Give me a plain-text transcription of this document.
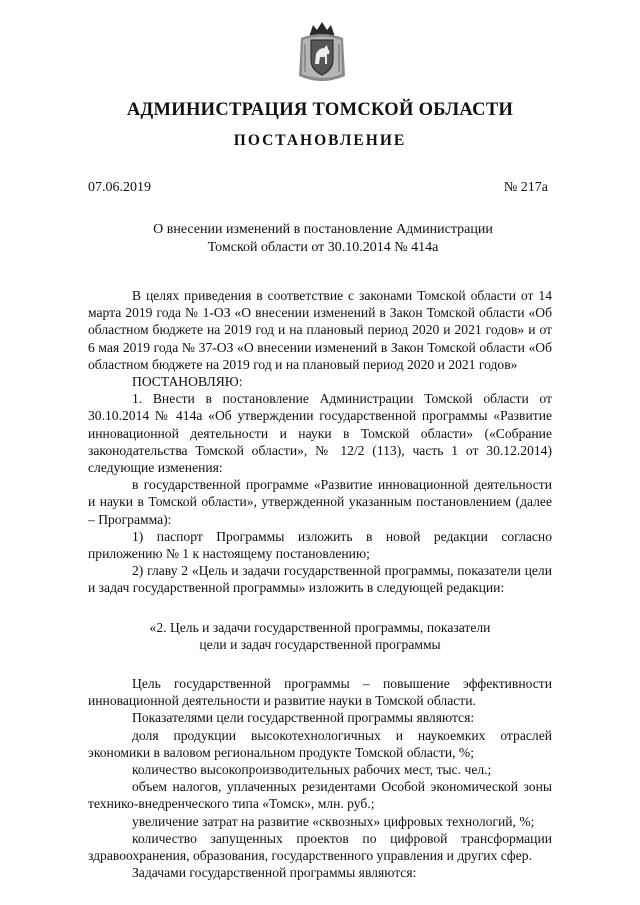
АДМИНИСТРАЦИЯ ТОМСКОЙ ОБЛАСТИ
ПОСТАНОВЛЕНИЕ
07.06.2019	№ 217а
О внесении изменений в постановление Администрации
Томской области от 30.10.2014 № 414а

В целях приведения в соответствие с законами Томской области от 14 марта 2019 года № 1-ОЗ «О внесении изменений в Закон Томской области «Об областном бюджете на 2019 год и на плановый период 2020 и 2021 годов» и от 6 мая 2019 года № 37-ОЗ «О внесении изменений в Закон Томской области «Об областном бюджете на 2019 год и на плановый период 2020 и 2021 годов»

ПОСТАНОВЛЯЮ:

1. Внести в постановление Администрации Томской области от 30.10.2014 № 414а «Об утверждении государственной программы «Развитие инновационной деятельности и науки в Томской области» («Собрание законодательства Томской области», № 12/2 (113), часть 1 от 30.12.2014) следующие изменения:

в государственной программе «Развитие инновационной деятельности и науки в Томской области», утвержденной указанным постановлением (далее – Программа):

1) паспорт Программы изложить в новой редакции согласно

приложению № 1 к настоящему постановлению;

2) главу 2 «Цель и задачи государственной программы, показатели цели и задач государственной программы» изложить в следующей редакции:

«2. Цель и задачи государственной программы, показатели

цели и задач государственной программы

Цель государственной программы – повышение эффективности инновационной деятельности и развитие науки в Томской области.

Показателями цели государственной программы являются:

доля продукции высокотехнологичных и наукоемких отраслей экономики в валовом региональном продукте Томской области, %;

количество высокопроизводительных рабочих мест, тыс. чел.;

объем налогов, уплаченных резидентами Особой экономической зоны технико-внедренческого типа «Томск», млн. руб.;

увеличение затрат на развитие «сквозных» цифровых технологий, %;

количество запущенных проектов по цифровой трансформации здравоохранения, образования, государственного управления и других сфер.

Задачами государственной программы являются:
